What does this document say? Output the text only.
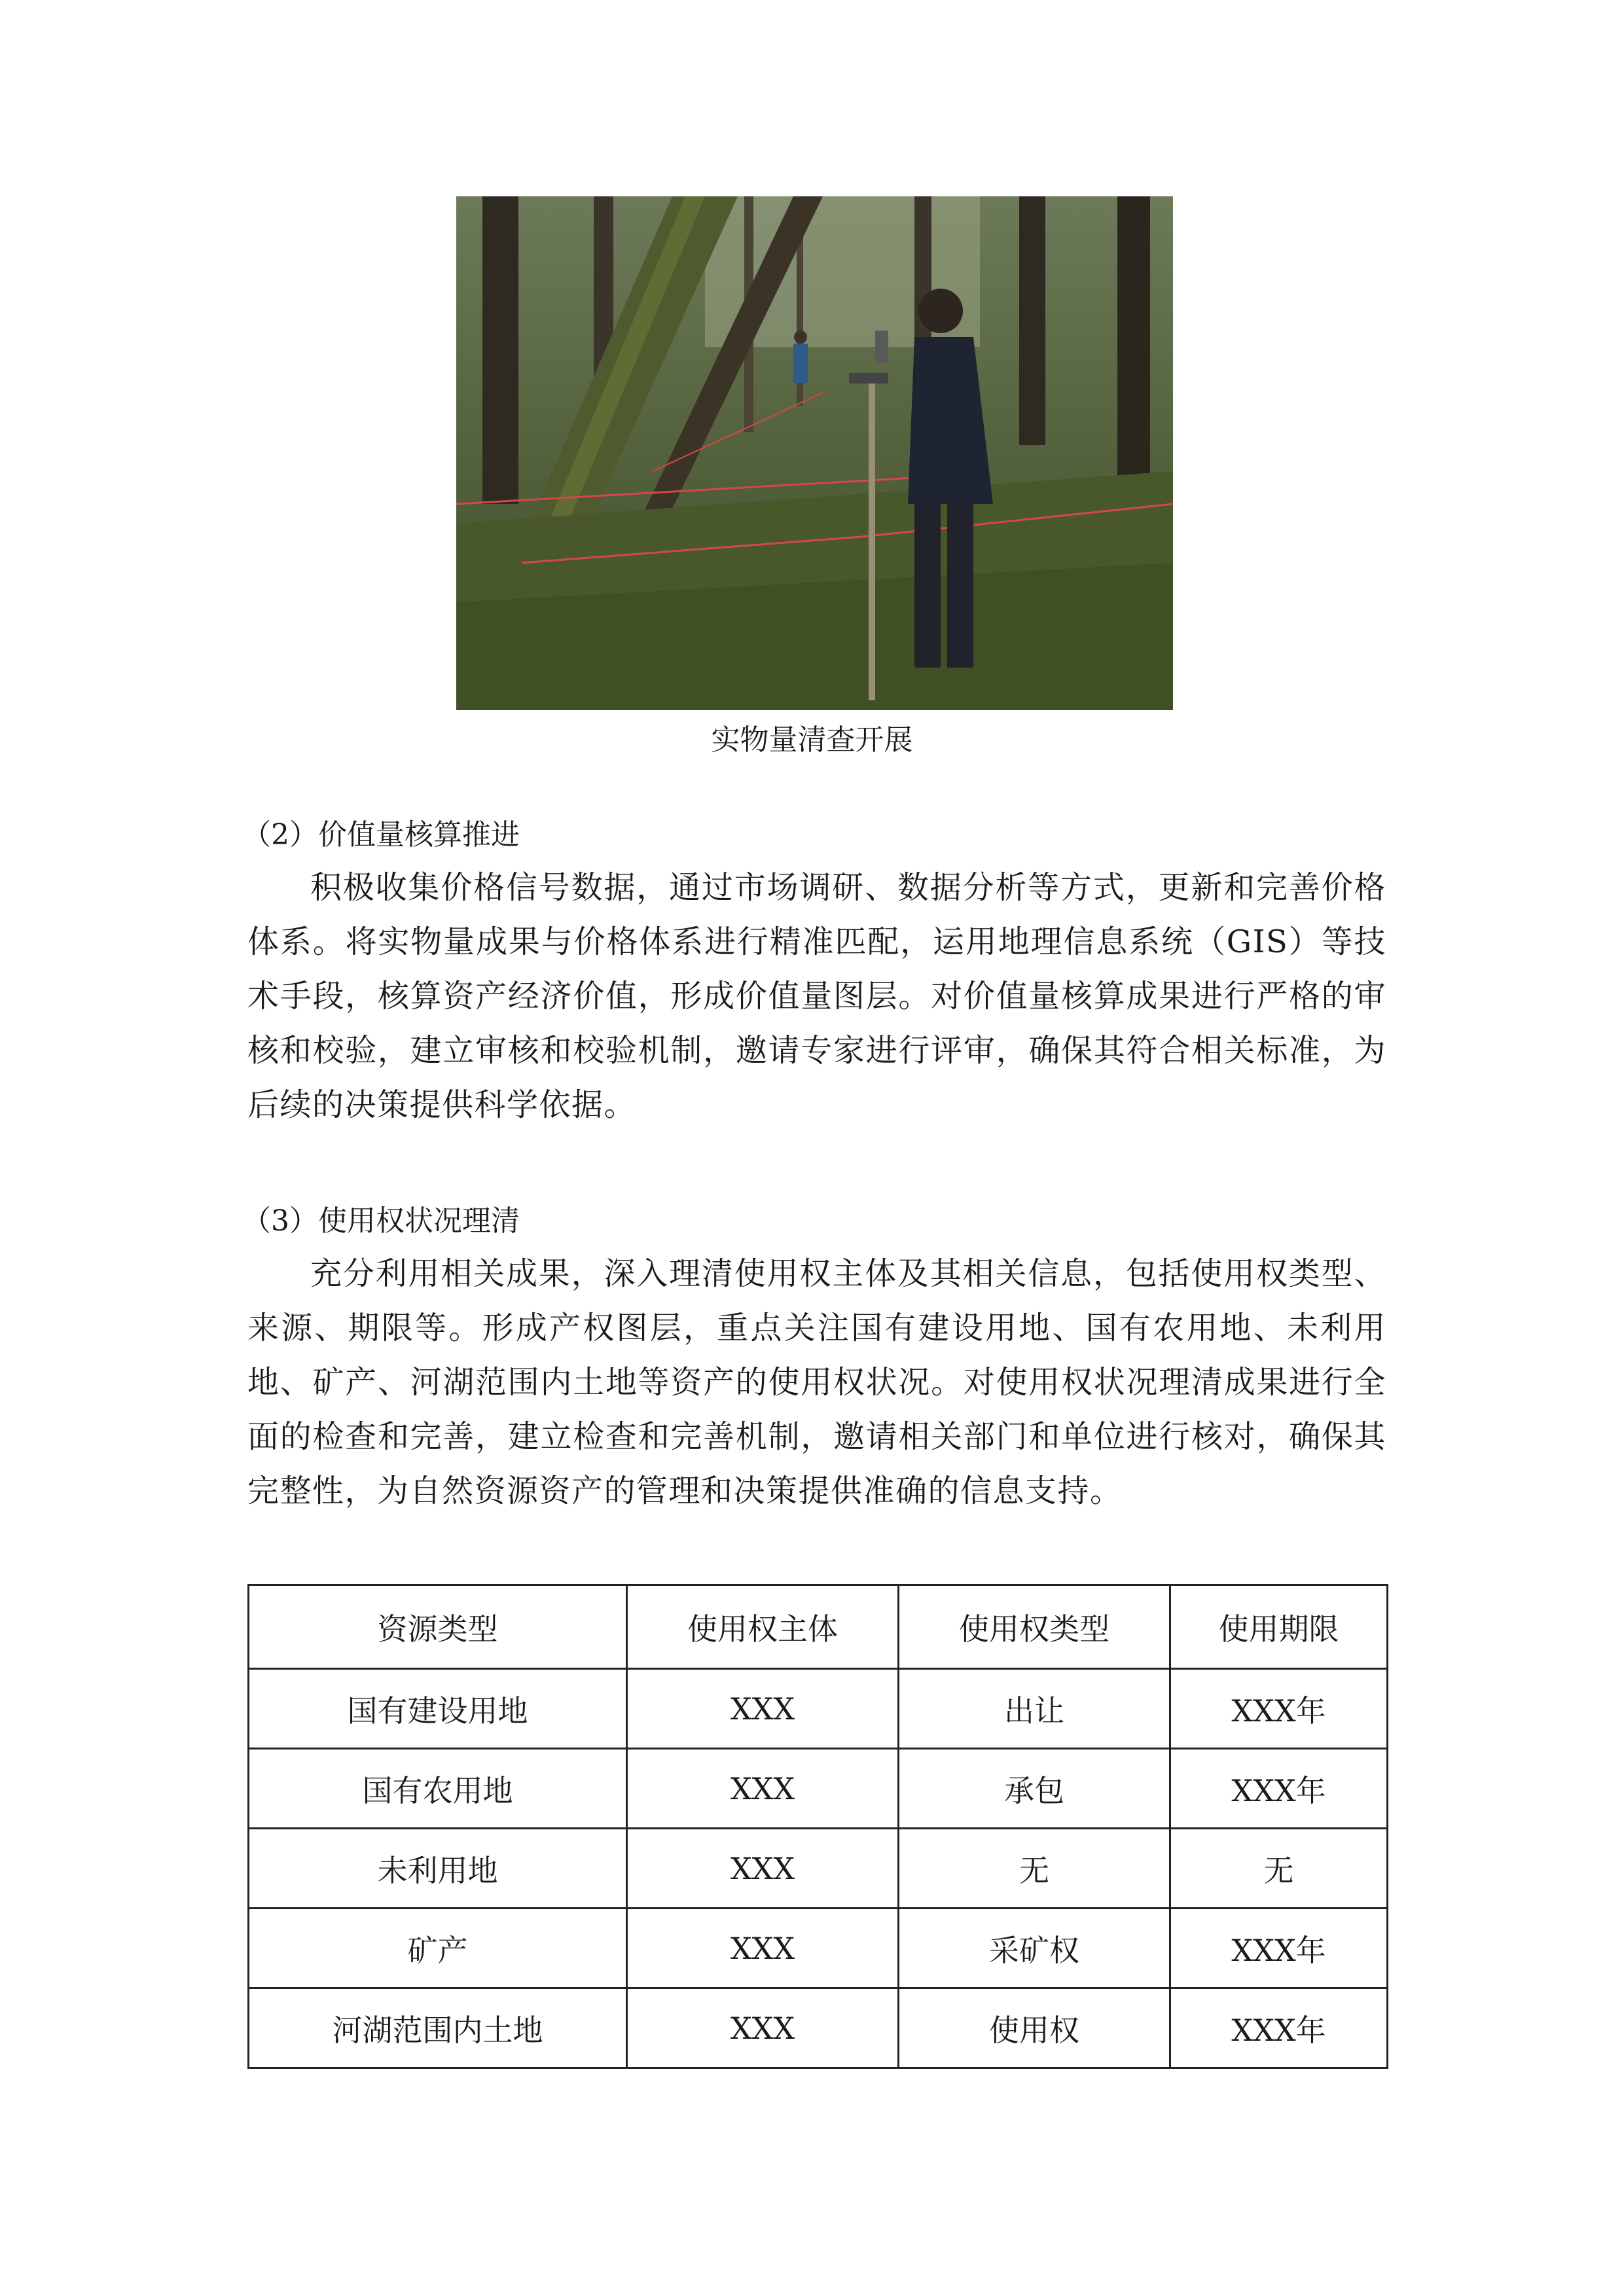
实物量清查开展
（2）价值量核算推进
积极收集价格信号数据，通过市场调研、数据分析等方式，更新和完善价格体系。将实物量成果与价格体系进行精准匹配，运用地理信息系统（GIS）等技术手段，核算资产经济价值，形成价值量图层。对价值量核算成果进行严格的审核和校验，建立审核和校验机制，邀请专家进行评审，确保其符合相关标准，为后续的决策提供科学依据。
（3）使用权状况理清
充分利用相关成果，深入理清使用权主体及其相关信息，包括使用权类型、来源、期限等。形成产权图层，重点关注国有建设用地、国有农用地、未利用地、矿产、河湖范围内土地等资产的使用权状况。对使用权状况理清成果进行全面的检查和完善，建立检查和完善机制，邀请相关部门和单位进行核对，确保其完整性，为自然资源资产的管理和决策提供准确的信息支持。
资源类型	使用权主体	使用权类型	使用期限
国有建设用地	XXX	出让	XXX年
国有农用地	XXX	承包	XXX年
未利用地	XXX	无	无
矿产	XXX	采矿权	XXX年
河湖范围内土地	XXX	使用权	XXX年
